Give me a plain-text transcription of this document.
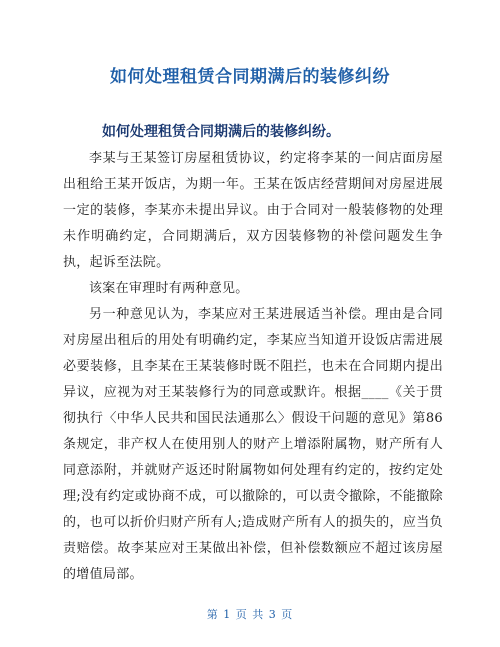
如何处理租赁合同期满后的装修纠纷
如何处理租赁合同期满后的装修纠纷。

李某与王某签订房屋租赁协议，约定将李某的一间店面房屋出租给王某开饭店，为期一年。王某在饭店经营期间对房屋进展一定的装修，李某亦未提出异议。由于合同对一般装修物的处理未作明确约定，合同期满后，双方因装修物的补偿问题发生争执，起诉至法院。

该案在审理时有两种意见。

另一种意见认为，李某应对王某进展适当补偿。理由是合同对房屋出租后的用处有明确约定，李某应当知道开设饭店需进展必要装修，且李某在王某装修时既不阻拦，也未在合同期内提出异议，应视为对王某装修行为的同意或默许。根据____《关于贯彻执行〈中华人民共和国民法通那么〉假设干问题的意见》第86条规定，非产权人在使用别人的财产上增添附属物，财产所有人同意添附，并就财产返还时附属物如何处理有约定的，按约定处理;没有约定或协商不成，可以撤除的，可以责令撤除，不能撤除的，也可以折价归财产所有人;造成财产所有人的损失的，应当负责赔偿。故李某应对王某做出补偿，但补偿数额应不超过该房屋的增值局部。

第 1 页 共 3 页
